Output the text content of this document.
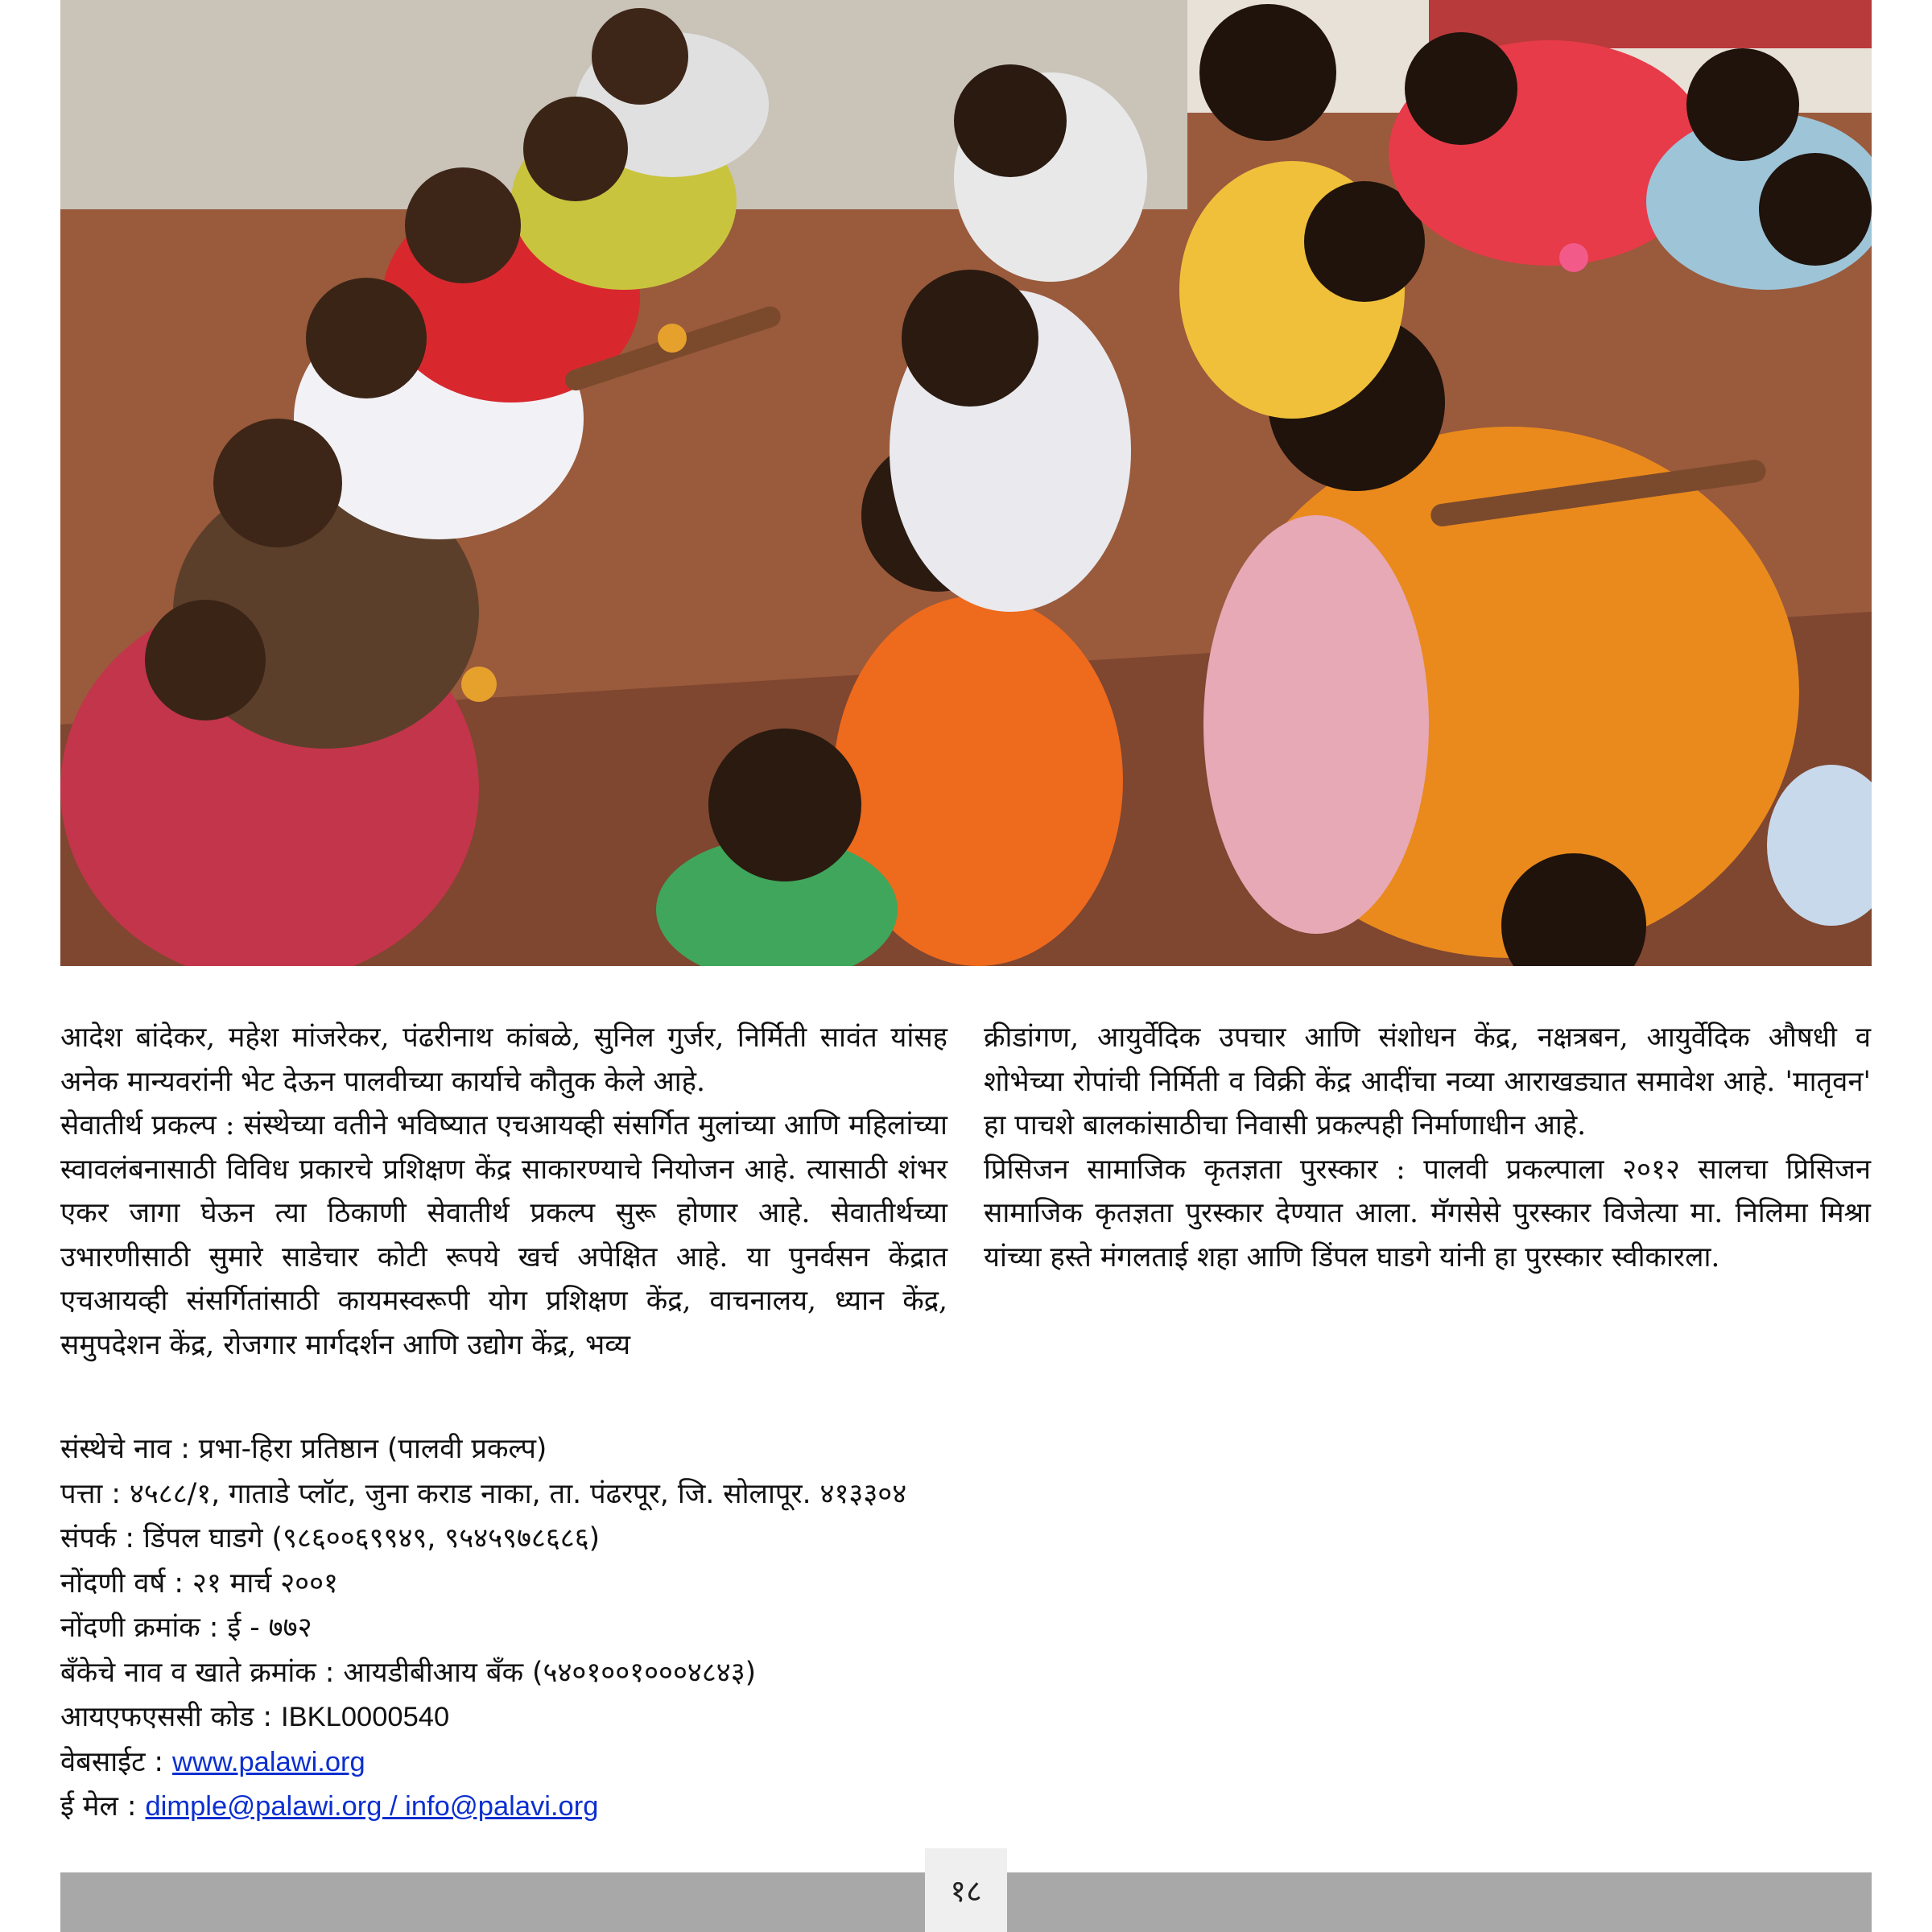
आदेश बांदेकर, महेश मांजरेकर, पंढरीनाथ कांबळे, सुनिल गुर्जर, निर्मिती सावंत यांसह अनेक मान्यवरांनी भेट देऊन पालवीच्या कार्याचे कौतुक केले आहे.

सेवातीर्थ प्रकल्प : संस्थेच्या वतीने भविष्यात एचआयव्ही संसर्गित मुलांच्या आणि महिलांच्या स्वावलंबनासाठी विविध प्रकारचे प्रशिक्षण केंद्र साकारण्याचे नियोजन आहे. त्यासाठी शंभर एकर जागा घेऊन त्या ठिकाणी सेवातीर्थ प्रकल्प सुरू होणार आहे. सेवातीर्थच्या उभारणीसाठी सुमारे साडेचार कोटी रूपये खर्च अपेक्षित आहे. या पुनर्वसन केंद्रात एचआयव्ही संसर्गितांसाठी कायमस्वरूपी योग प्रशिक्षण केंद्र, वाचनालय, ध्यान केंद्र, समुपदेशन केंद्र, रोजगार मार्गदर्शन आणि उद्योग केंद्र, भव्य

क्रीडांगण, आयुर्वेदिक उपचार आणि संशोधन केंद्र, नक्षत्रबन, आयुर्वेदिक औषधी व शोभेच्या रोपांची निर्मिती व विक्री केंद्र आदींचा नव्या आराखड्यात समावेश आहे. 'मातृवन' हा पाचशे बालकांसाठीचा निवासी प्रकल्पही निर्माणाधीन आहे.

प्रिसिजन सामाजिक कृतज्ञता पुरस्कार : पालवी प्रकल्पाला २०१२ सालचा प्रिसिजन सामाजिक कृतज्ञता पुरस्कार देण्यात आला. मॅगसेसे पुरस्कार विजेत्या मा. निलिमा मिश्रा यांच्या हस्ते मंगलताई शहा आणि डिंपल घाडगे यांनी हा पुरस्कार स्वीकारला.

संस्थेचे नाव : प्रभा-हिरा प्रतिष्ठान (पालवी प्रकल्प)
पत्ता : ४५८८/१, गाताडे प्लॉट, जुना कराड नाका, ता. पंढरपूर, जि. सोलापूर. ४१३३०४
संपर्क : डिंपल घाडगे (९८६००६९९४९, ९५४५९७८६८६)
नोंदणी वर्ष : २१ मार्च २००१
नोंदणी क्रमांक : ई - ७७२
बँकेचे नाव व खाते क्रमांक : आयडीबीआय बँक (५४०१००१०००४८४३)
आयएफएससी कोड : IBKL0000540
वेबसाईट : www.palawi.org
ई मेल : dimple@palawi.org / info@palavi.org
१८
